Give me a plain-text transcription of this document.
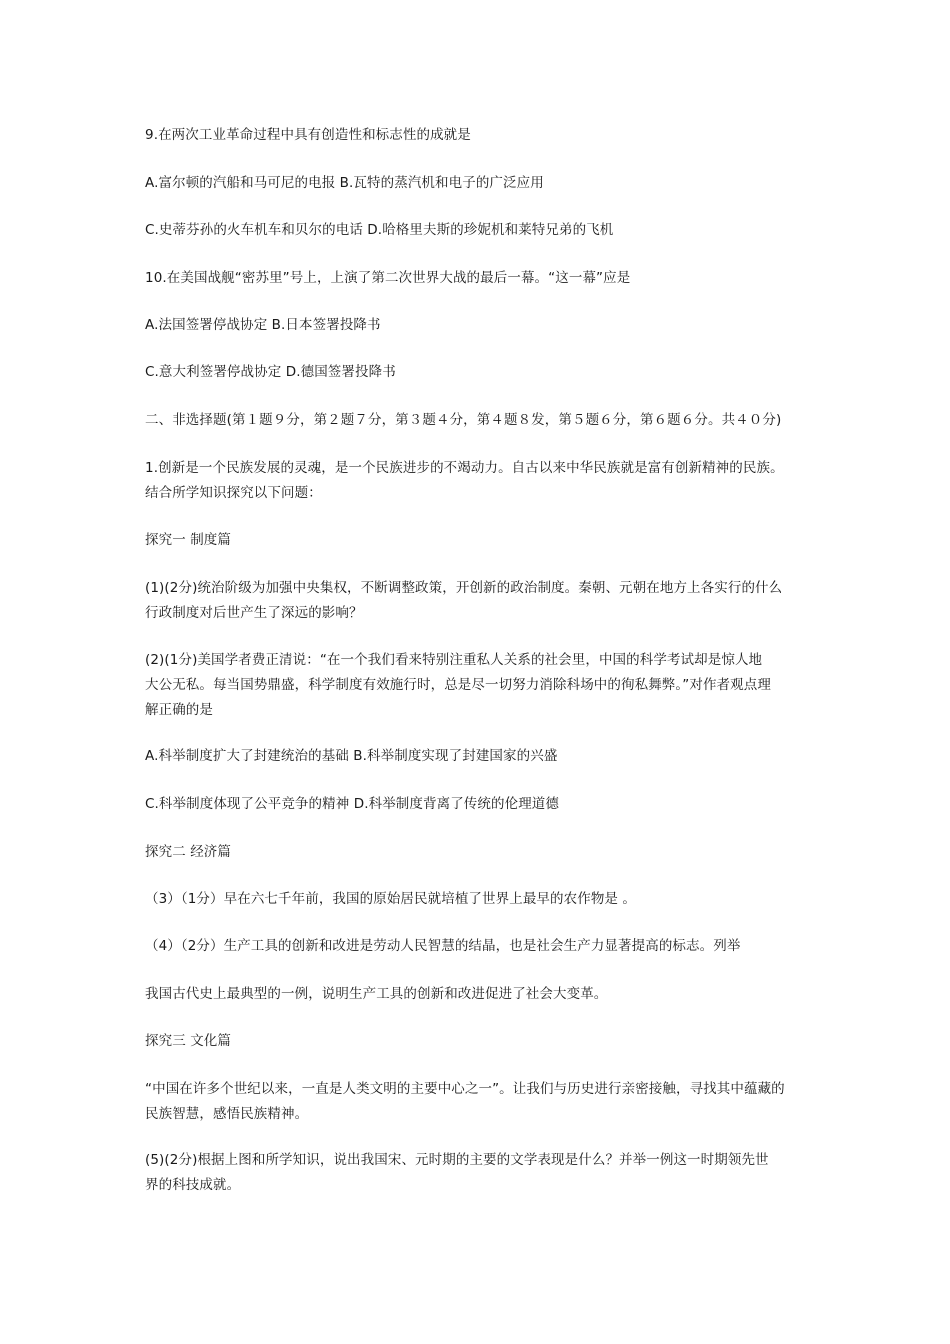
9.在两次工业革命过程中具有创造性和标志性的成就是
A.富尔顿的汽船和马可尼的电报 B.瓦特的蒸汽机和电子的广泛应用
C.史蒂芬孙的火车机车和贝尔的电话 D.哈格里夫斯的珍妮机和莱特兄弟的飞机
10.在美国战舰“密苏里”号上，上演了第二次世界大战的最后一幕。“这一幕”应是
A.法国签署停战协定 B.日本签署投降书
C.意大利签署停战协定 D.德国签署投降书
二、非选择题(第１题９分，第２题７分，第３题４分，第４题８发，第５题６分，第６题６分。共４０分)
1.创新是一个民族发展的灵魂，是一个民族进步的不竭动力。自古以来中华民族就是富有创新精神的民族。
结合所学知识探究以下问题：
探究一 制度篇
(1)(2分)统治阶级为加强中央集权，不断调整政策，开创新的政治制度。秦朝、元朝在地方上各实行的什么
行政制度对后世产生了深远的影响？
(2)(1分)美国学者费正清说：“在一个我们看来特别注重私人关系的社会里，中国的科学考试却是惊人地
大公无私。每当国势鼎盛，科学制度有效施行时，总是尽一切努力消除科场中的徇私舞弊。”对作者观点理
解正确的是
A.科举制度扩大了封建统治的基础 B.科举制度实现了封建国家的兴盛
C.科举制度体现了公平竞争的精神 D.科举制度背离了传统的伦理道德
探究二 经济篇
（3）（1分）早在六七千年前，我国的原始居民就培植了世界上最早的农作物是 。
（4）（2分）生产工具的创新和改进是劳动人民智慧的结晶，也是社会生产力显著提高的标志。列举
我国古代史上最典型的一例，说明生产工具的创新和改进促进了社会大变革。
探究三 文化篇
“中国在许多个世纪以来，一直是人类文明的主要中心之一”。让我们与历史进行亲密接触，寻找其中蕴藏的
民族智慧，感悟民族精神。
(5)(2分)根据上图和所学知识，说出我国宋、元时期的主要的文学表现是什么？并举一例这一时期领先世
界的科技成就。
